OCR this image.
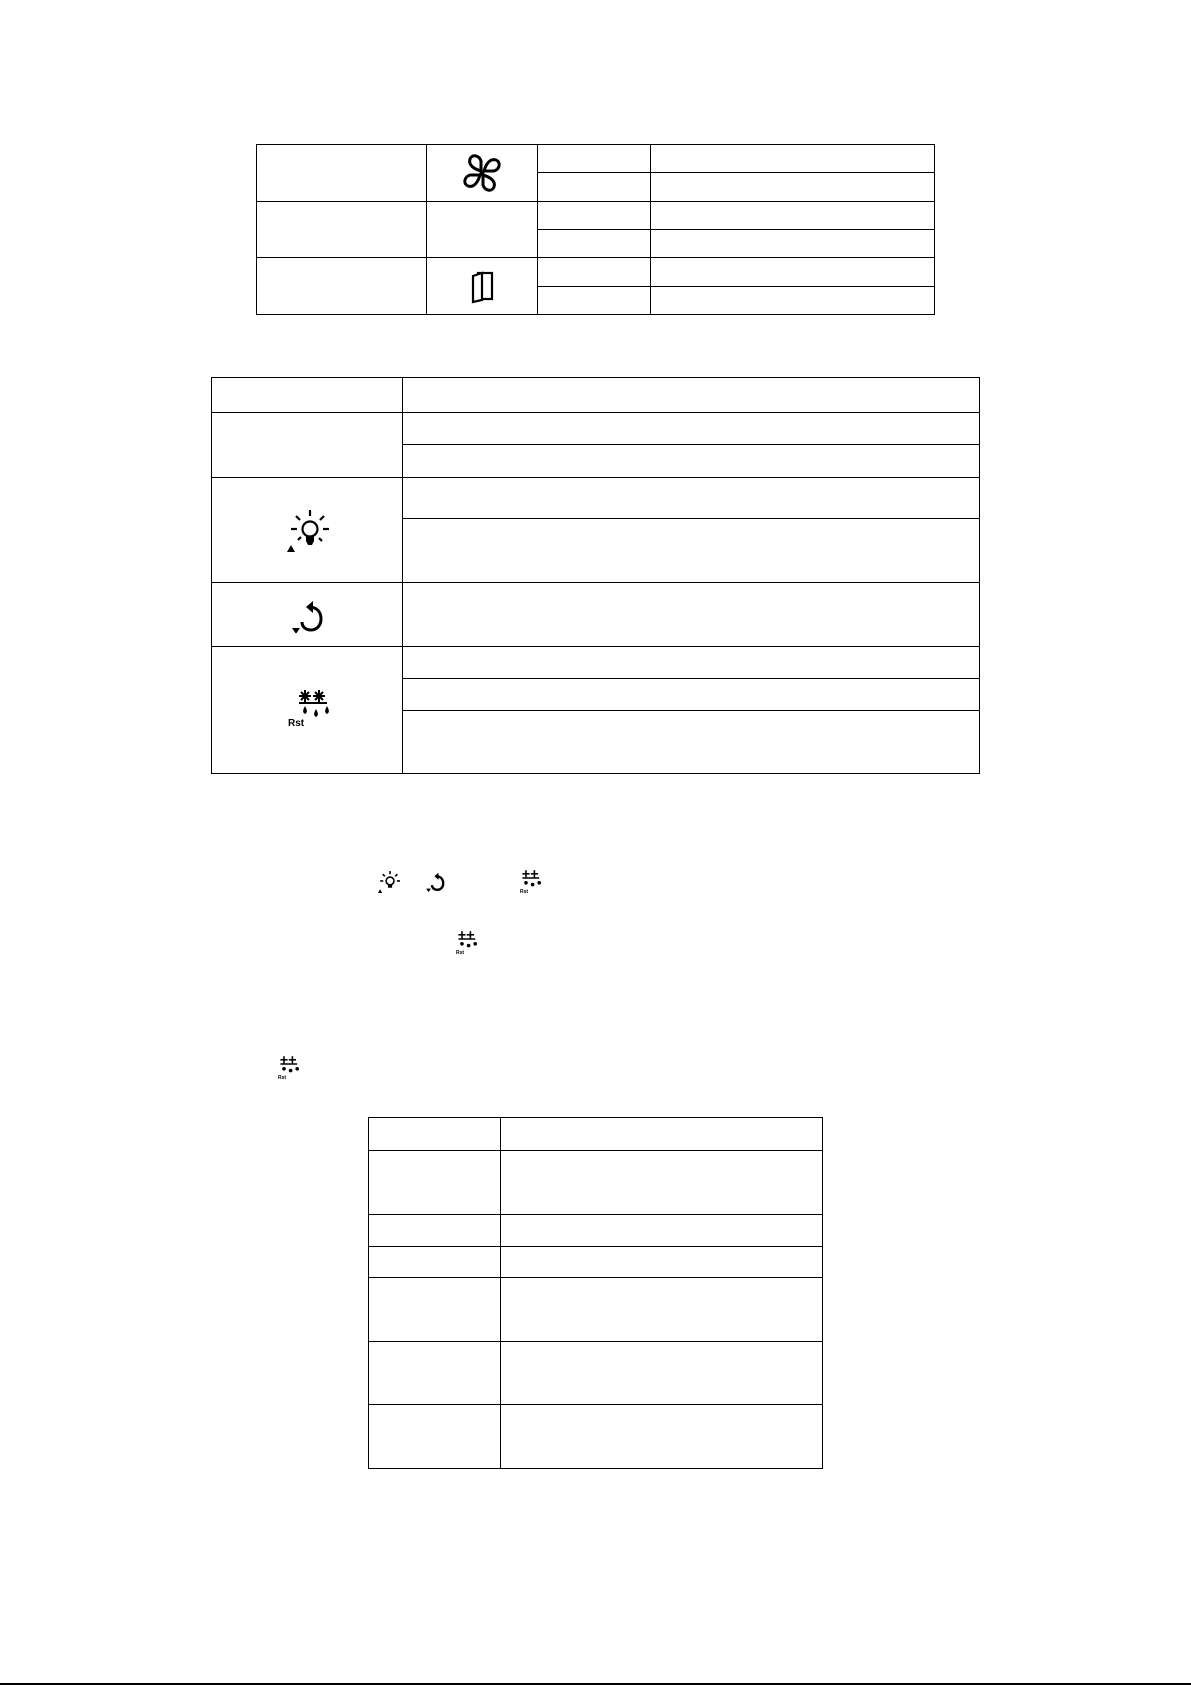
Rst
Rst
Rst
Rst
